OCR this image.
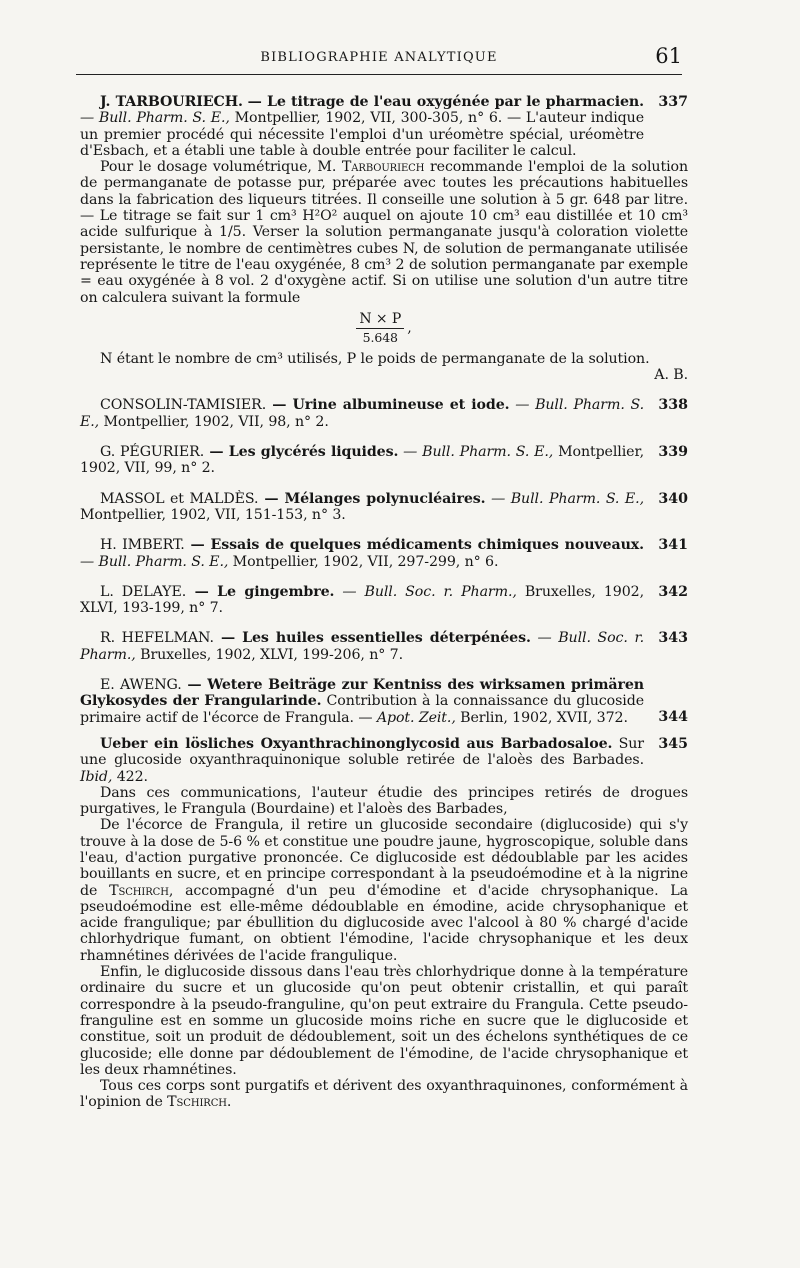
BIBLIOGRAPHIE ANALYTIQUE	61
337

J. TARBOURIECH. — Le titrage de l'eau oxygénée par le pharmacien. — Bull. Pharm. S. E., Montpellier, 1902, VII, 300-305, n° 6. — L'auteur indique un premier procédé qui nécessite l'emploi d'un uréomètre spécial, uréomètre d'Esbach, et a établi une table à double entrée pour faciliter le calcul.

Pour le dosage volumétrique, M. Tarbouriech recommande l'emploi de la solution de permanganate de potasse pur, préparée avec toutes les précautions habituelles dans la fabrication des liqueurs titrées. Il conseille une solution à 5 gr. 648 par litre. — Le titrage se fait sur 1 cm³ H²O² auquel on ajoute 10 cm³ eau distillée et 10 cm³ acide sulfurique à 1/5. Verser la solution permanganate jusqu'à coloration violette persistante, le nombre de centimètres cubes N, de solution de permanganate utilisée représente le titre de l'eau oxygénée, 8 cm³ 2 de solution permanganate par exemple = eau oxygénée à 8 vol. 2 d'oxygène actif. Si on utilise une solution d'un autre titre on calculera suivant la formule

$\frac{N \times P}{5.648}$ ,

N étant le nombre de cm³ utilisés, P le poids de permanganate de la solution.

A. B.

338

CONSOLIN-TAMISIER. — Urine albumineuse et iode. — Bull. Pharm. S. E., Montpellier, 1902, VII, 98, n° 2.

339

G. PÉGURIER. — Les glycérés liquides. — Bull. Pharm. S. E., Montpellier, 1902, VII, 99, n° 2.

340

MASSOL et MALDÈS. — Mélanges polynucléaires. — Bull. Pharm. S. E., Montpellier, 1902, VII, 151-153, n° 3.

341

H. IMBERT. — Essais de quelques médicaments chimiques nouveaux. — Bull. Pharm. S. E., Montpellier, 1902, VII, 297-299, n° 6.

342

L. DELAYE. — Le gingembre. — Bull. Soc. r. Pharm., Bruxelles, 1902, XLVI, 193-199, n° 7.

343

R. HEFELMAN. — Les huiles essentielles déterpénées. — Bull. Soc. r. Pharm., Bruxelles, 1902, XLVI, 199-206, n° 7.

344

E. AWENG. — Wetere Beiträge zur Kentniss des wirksamen primären Glykosydes der Frangularinde. Contribution à la connaissance du glucoside primaire actif de l'écorce de Frangula. — Apot. Zeit., Berlin, 1902, XVII, 372.

345

Ueber ein lösliches Oxyanthrachinonglycosid aus Barbadosaloe. Sur une glucoside oxyanthraquinonique soluble retirée de l'aloès des Barbades. Ibid, 422.

Dans ces communications, l'auteur étudie des principes retirés de drogues purgatives, le Frangula (Bourdaine) et l'aloès des Barbades,

De l'écorce de Frangula, il retire un glucoside secondaire (diglucoside) qui s'y trouve à la dose de 5-6 % et constitue une poudre jaune, hygroscopique, soluble dans l'eau, d'action purgative prononcée. Ce diglucoside est dédoublable par les acides bouillants en sucre, et en principe correspondant à la pseudoémodine et à la nigrine de Tschirch, accompagné d'un peu d'émodine et d'acide chrysophanique. La pseudoémodine est elle-même dédoublable en émodine, acide chrysophanique et acide frangulique; par ébullition du diglucoside avec l'alcool à 80 % chargé d'acide chlorhydrique fumant, on obtient l'émodine, l'acide chrysophanique et les deux rhamnétines dérivées de l'acide frangulique.

Enfin, le diglucoside dissous dans l'eau très chlorhydrique donne à la température ordinaire du sucre et un glucoside qu'on peut obtenir cristallin, et qui paraît correspondre à la pseudo-franguline, qu'on peut extraire du Frangula. Cette pseudo-franguline est en somme un glucoside moins riche en sucre que le diglucoside et constitue, soit un produit de dédoublement, soit un des échelons synthétiques de ce glucoside; elle donne par dédoublement de l'émodine, de l'acide chrysophanique et les deux rhamnétines.

Tous ces corps sont purgatifs et dérivent des oxyanthraquinones, conformément à l'opinion de Tschirch.
